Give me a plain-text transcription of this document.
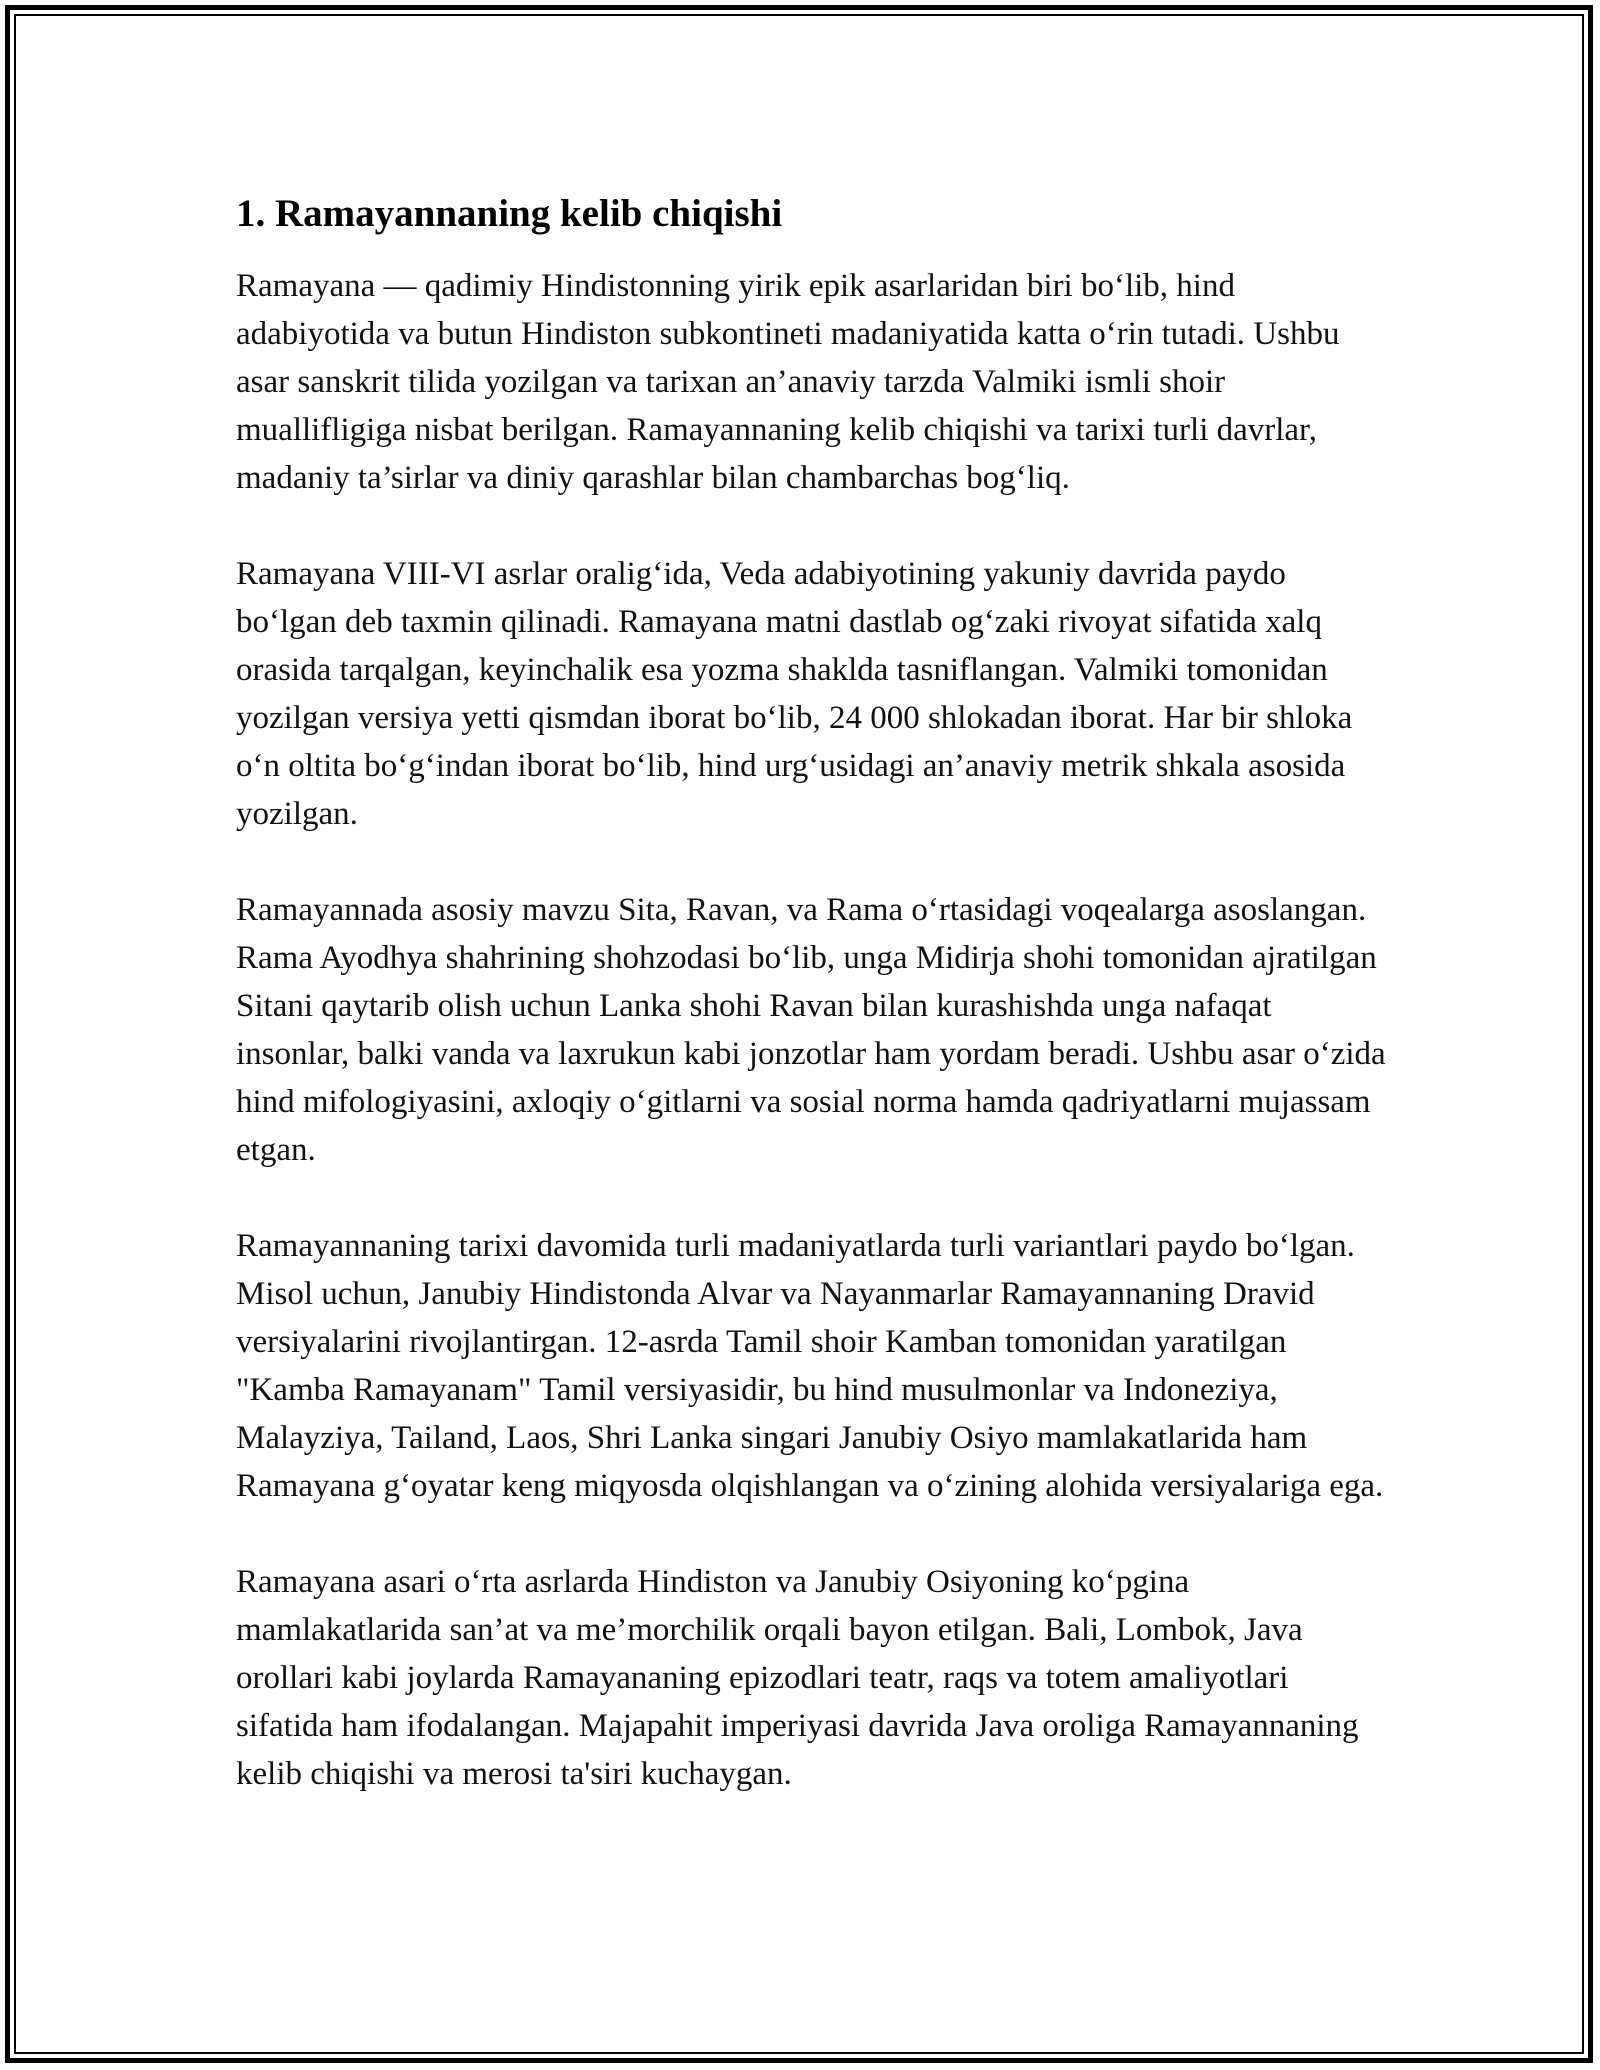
1. Ramayannaning kelib chiqishi

Ramayana — qadimiy Hindistonning yirik epik asarlaridan biri boʻlib, hind adabiyotida va butun Hindiston subkontineti madaniyatida katta oʻrin tutadi. Ushbu asar sanskrit tilida yozilgan va tarixan an’anaviy tarzda Valmiki ismli shoir muallifligiga nisbat berilgan. Ramayannaning kelib chiqishi va tarixi turli davrlar, madaniy ta’sirlar va diniy qarashlar bilan chambarchas bogʻliq.

Ramayana VIII-VI asrlar oraligʻida, Veda adabiyotining yakuniy davrida paydo boʻlgan deb taxmin qilinadi. Ramayana matni dastlab ogʻzaki rivoyat sifatida xalq orasida tarqalgan, keyinchalik esa yozma shaklda tasniflangan. Valmiki tomonidan yozilgan versiya yetti qismdan iborat boʻlib, 24 000 shlokadan iborat. Har bir shloka oʻn oltita boʻgʻindan iborat boʻlib, hind urgʻusidagi an’anaviy metrik shkala asosida yozilgan.

Ramayannada asosiy mavzu Sita, Ravan, va Rama oʻrtasidagi voqealarga asoslangan. Rama Ayodhya shahrining shohzodasi boʻlib, unga Midirja shohi tomonidan ajratilgan Sitani qaytarib olish uchun Lanka shohi Ravan bilan kurashishda unga nafaqat insonlar, balki vanda va laxrukun kabi jonzotlar ham yordam beradi. Ushbu asar oʻzida hind mifologiyasini, axloqiy oʻgitlarni va sosial norma hamda qadriyatlarni mujassam etgan.

Ramayannaning tarixi davomida turli madaniyatlarda turli variantlari paydo boʻlgan. Misol uchun, Janubiy Hindistonda Alvar va Nayanmarlar Ramayannaning Dravid versiyalarini rivojlantirgan. 12-asrda Tamil shoir Kamban tomonidan yaratilgan "Kamba Ramayanam" Tamil versiyasidir, bu hind musulmonlar va Indoneziya, Malayziya, Tailand, Laos, Shri Lanka singari Janubiy Osiyo mamlakatlarida ham Ramayana gʻoyatar keng miqyosda olqishlangan va oʻzining alohida versiyalariga ega.

Ramayana asari oʻrta asrlarda Hindiston va Janubiy Osiyoning koʻpgina mamlakatlarida san’at va me’morchilik orqali bayon etilgan. Bali, Lombok, Java orollari kabi joylarda Ramayananing epizodlari teatr, raqs va totem amaliyotlari sifatida ham ifodalangan. Majapahit imperiyasi davrida Java oroliga Ramayannaning kelib chiqishi va merosi ta'siri kuchaygan.
